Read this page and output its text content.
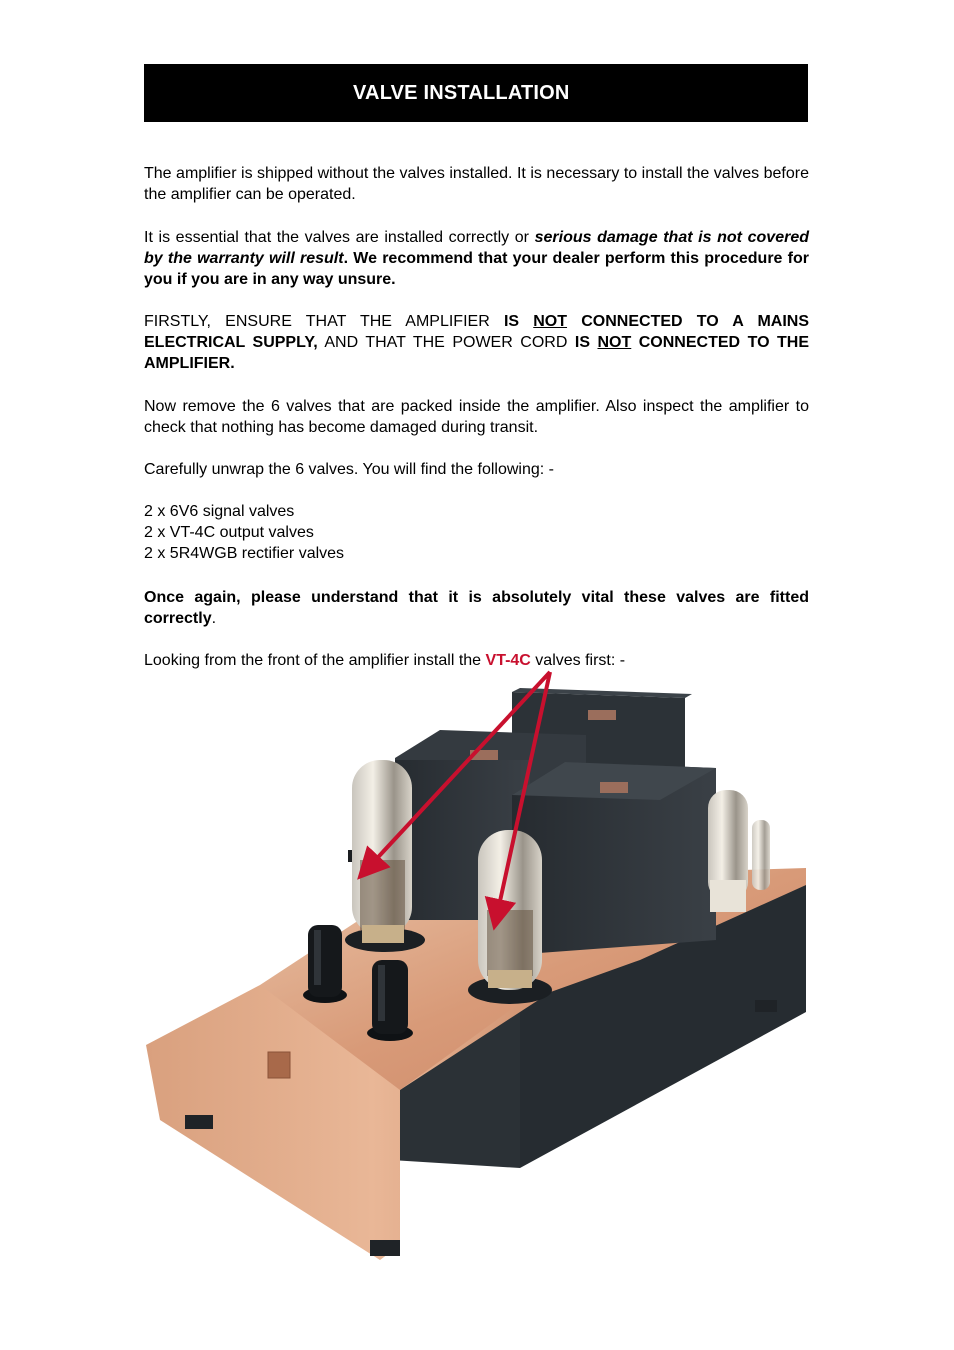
VALVE INSTALLATION

The amplifier is shipped without the valves installed. It is necessary to install the valves before the amplifier can be operated.

It is essential that the valves are installed correctly or serious damage that is not covered by the warranty will result. We recommend that your dealer perform this procedure for you if you are in any way unsure.

FIRSTLY, ENSURE THAT THE AMPLIFIER IS NOT CONNECTED TO A MAINS ELECTRICAL SUPPLY, AND THAT THE POWER CORD IS NOT CONNECTED TO THE AMPLIFIER.

Now remove the 6 valves that are packed inside the amplifier. Also inspect the amplifier to check that nothing has become damaged during transit.

Carefully unwrap the 6 valves. You will find the following: -

2 x 6V6 signal valves
2 x VT-4C output valves
2 x 5R4WGB rectifier valves

Once again, please understand that it is absolutely vital these valves are fitted correctly.

Looking from the front of the amplifier install the VT-4C valves first: -
